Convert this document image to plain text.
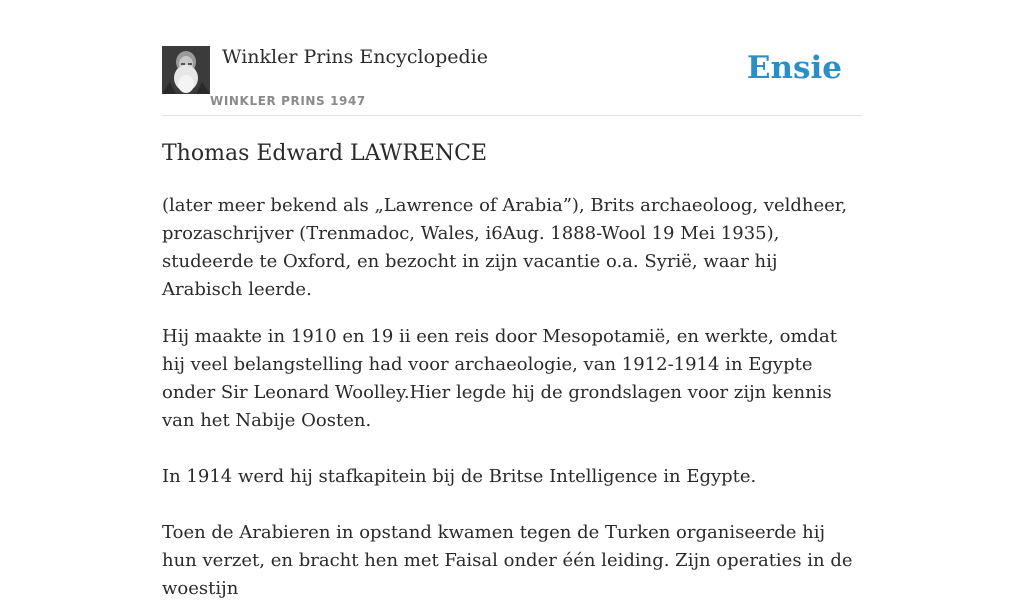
Winkler Prins Encyclopedie
WINKLER PRINS 1947
Ensie
Thomas Edward LAWRENCE

(later meer bekend als „Lawrence of Arabia”), Brits archaeoloog, veldheer, prozaschrijver (Trenmadoc, Wales, i6Aug. 1888-Wool 19 Mei 1935), studeerde te Oxford, en bezocht in zijn vacantie o.a. Syrië, waar hij Arabisch leerde.

Hij maakte in 1910 en 19 ii een reis door Mesopotamië, en werkte, omdat hij veel belangstelling had voor archaeologie, van 1912-1914 in Egypte onder Sir Leonard Woolley.Hier legde hij de grondslagen voor zijn kennis van het Nabije Oosten.

In 1914 werd hij stafkapitein bij de Britse Intelligence in Egypte.

Toen de Arabieren in opstand kwamen tegen de Turken organiseerde hij hun verzet, en bracht hen met Faisal onder één leiding. Zijn operaties in de woestijn
